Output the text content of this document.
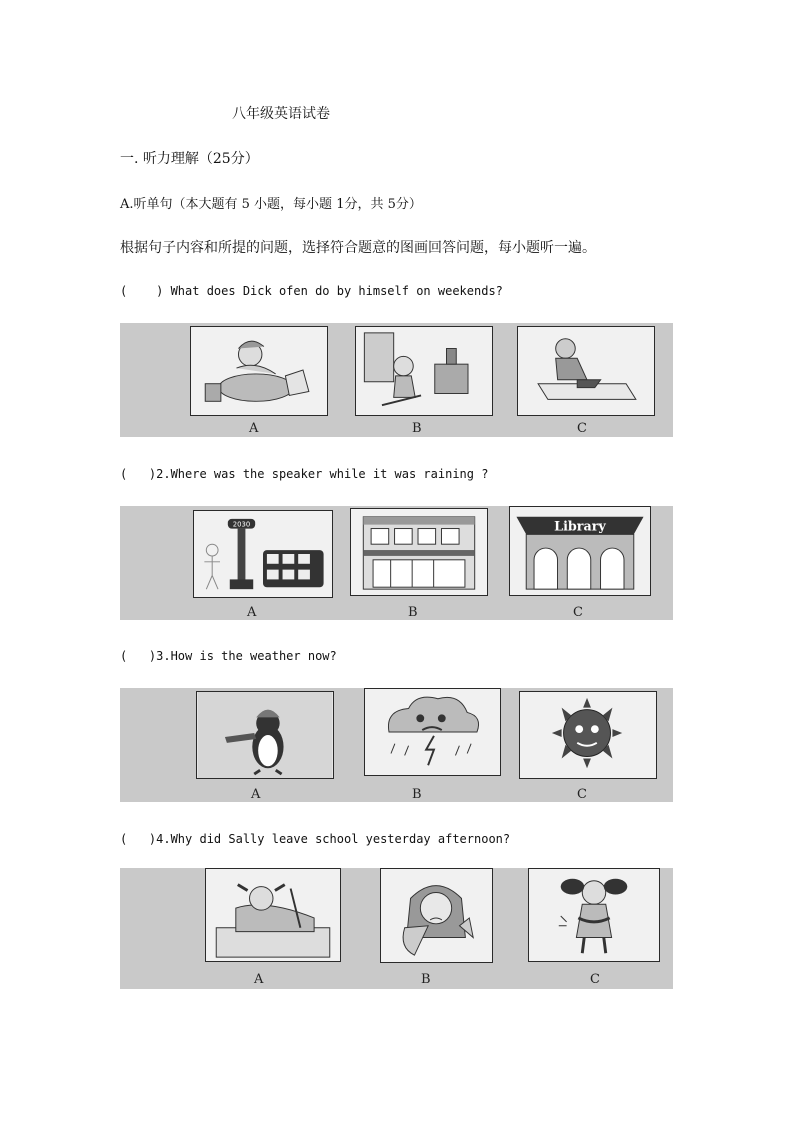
八年级英语试卷
一. 听力理解（25分）
A.听单句（本大题有 5 小题，每小题 1分，共 5分）
根据句子内容和所提的问题，选择符合题意的图画回答问题，每小题听一遍。
(    ) What does Dick ofen do by himself on weekends?
A	B	C
(   )2.Where was the speaker while it was raining ?
2030	Library
A	B	C
(   )3.How is the weather now?
A	B	C
(   )4.Why did Sally leave school yesterday afternoon?
A	B	C
